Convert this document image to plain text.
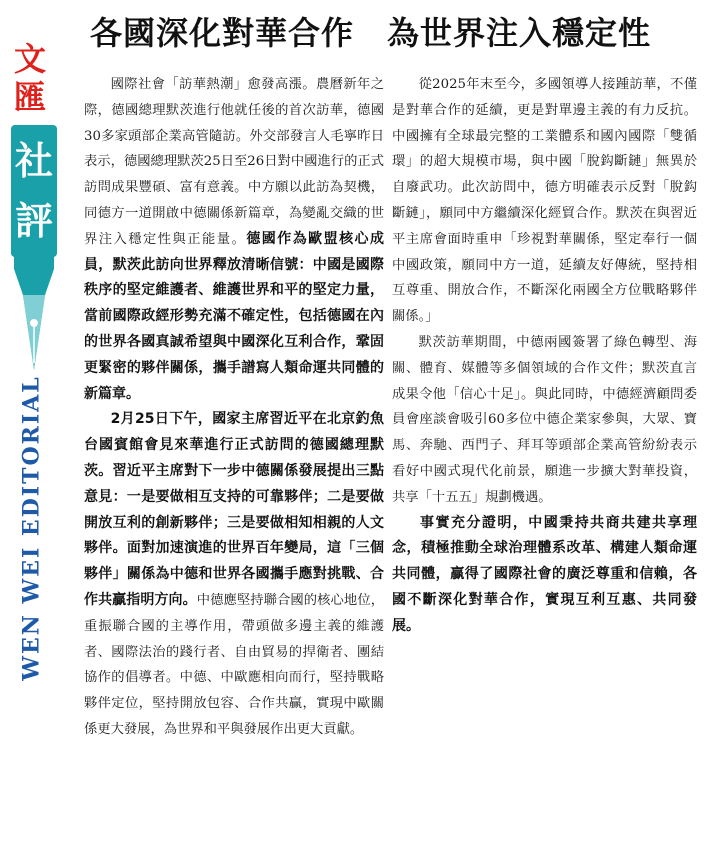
各國深化對華合作　為世界注入穩定性
文
匯
社
評
WEN WEI EDITORIAL

國際社會「訪華熱潮」愈發高漲。農曆新年之際，德國總理默茨進行他就任後的首次訪華，德國30多家頭部企業高管隨訪。外交部發言人毛寧昨日表示，德國總理默茨25日至26日對中國進行的正式訪問成果豐碩、富有意義。中方願以此訪為契機，同德方一道開啟中德關係新篇章，為變亂交織的世界注入穩定性與正能量。德國作為歐盟核心成員，默茨此訪向世界釋放清晰信號：中國是國際秩序的堅定維護者、維護世界和平的堅定力量，當前國際政經形勢充滿不確定性，包括德國在內的世界各國真誠希望與中國深化互利合作，鞏固更緊密的夥伴關係，攜手譜寫人類命運共同體的新篇章。

2月25日下午，國家主席習近平在北京釣魚台國賓館會見來華進行正式訪問的德國總理默茨。習近平主席對下一步中德關係發展提出三點意見：一是要做相互支持的可靠夥伴；二是要做開放互利的創新夥伴；三是要做相知相親的人文夥伴。面對加速演進的世界百年變局，這「三個夥伴」關係為中德和世界各國攜手應對挑戰、合作共贏指明方向。中德應堅持聯合國的核心地位，重振聯合國的主導作用，帶頭做多邊主義的維護者、國際法治的踐行者、自由貿易的捍衛者、團結協作的倡導者。中德、中歐應相向而行，堅持戰略夥伴定位，堅持開放包容、合作共贏，實現中歐關係更大發展，為世界和平與發展作出更大貢獻。

從2025年末至今，多國領導人接踵訪華，不僅是對華合作的延續，更是對單邊主義的有力反抗。中國擁有全球最完整的工業體系和國內國際「雙循環」的超大規模市場，與中國「脫鈎斷鏈」無異於自廢武功。此次訪問中，德方明確表示反對「脫鈎斷鏈」，願同中方繼續深化經貿合作。默茨在與習近平主席會面時重申「珍視對華關係，堅定奉行一個中國政策，願同中方一道，延續友好傳統，堅持相互尊重、開放合作，不斷深化兩國全方位戰略夥伴關係。」

默茨訪華期間，中德兩國簽署了綠色轉型、海關、體育、媒體等多個領域的合作文件；默茨直言成果令他「信心十足」。與此同時，中德經濟顧問委員會座談會吸引60多位中德企業家參與，大眾、寶馬、奔馳、西門子、拜耳等頭部企業高管紛紛表示看好中國式現代化前景，願進一步擴大對華投資，共享「十五五」規劃機遇。

事實充分證明，中國秉持共商共建共享理念，積極推動全球治理體系改革、構建人類命運共同體，贏得了國際社會的廣泛尊重和信賴，各國不斷深化對華合作，實現互利互惠、共同發展。
